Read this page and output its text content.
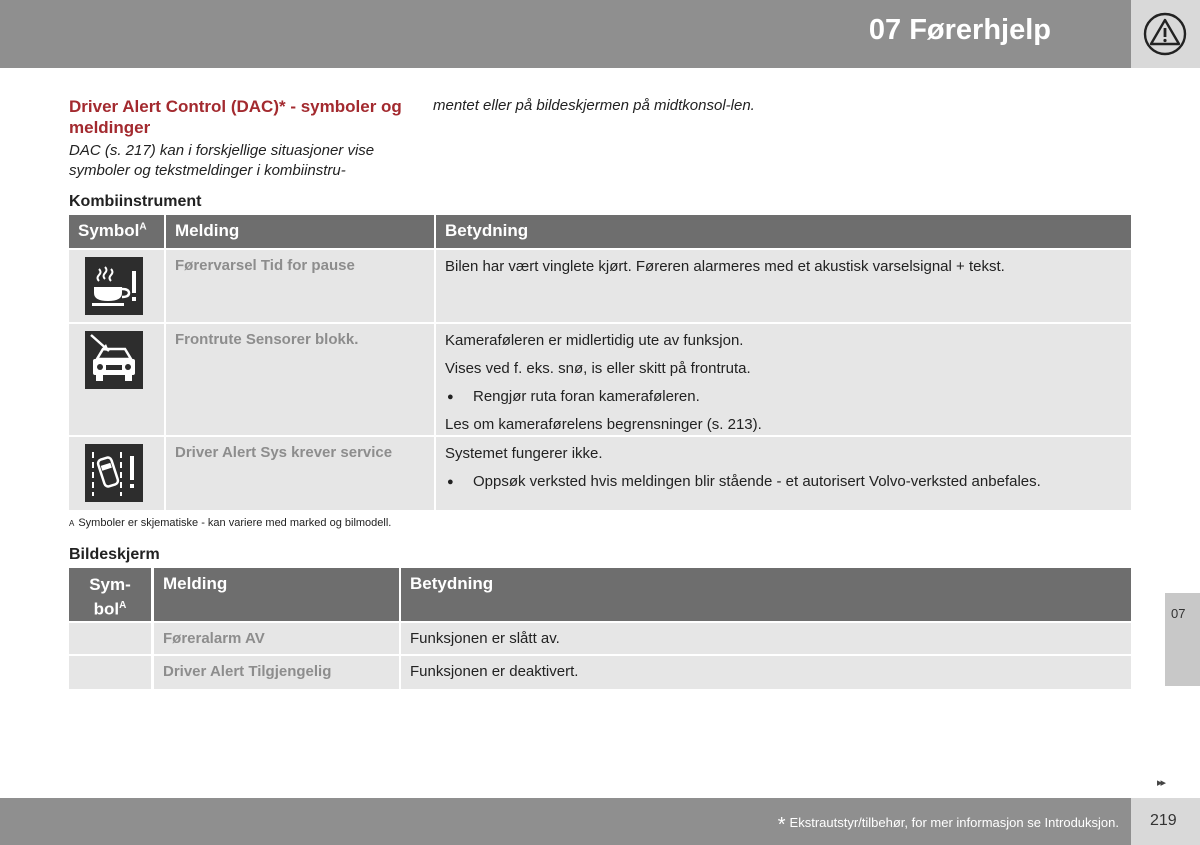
07 Førerhjelp
Driver Alert Control (DAC)* - symboler og meldinger
DAC (s. 217) kan i forskjellige situasjoner vise symboler og tekstmeldinger i kombiinstru-
mentet eller på bildeskjermen på midtkonsol-len.
Kombiinstrument
Symbol$^A$	Melding	Betydning
Førervarsel Tid for pause	Bilen har vært vinglete kjørt. Føreren alarmeres med et akustisk varselsignal + tekst.

Frontrute Sensorer blokk.	Kameraføleren er midlertidig ute av funksjon.

Vises ved f. eks. snø, is eller skitt på frontruta.

● Rengjør ruta foran kameraføleren.

Les om kameraførelens begrensninger (s. 213).

Driver Alert Sys krever service	Systemet fungerer ikke.

● Oppsøk verksted hvis meldingen blir stående - et autorisert Volvo-verksted anbefales.

A Symboler er skjematiske - kan variere med marked og bilmodell.
Bildeskjerm
Sym-
bol$^A$
Melding	Betydning
Føreralarm AV	Funksjonen er slått av.
Driver Alert Tilgjengelig	Funksjonen er deaktivert.
07
▸▸
* Ekstrautstyr/tilbehør, for mer informasjon se Introduksjon. 219
